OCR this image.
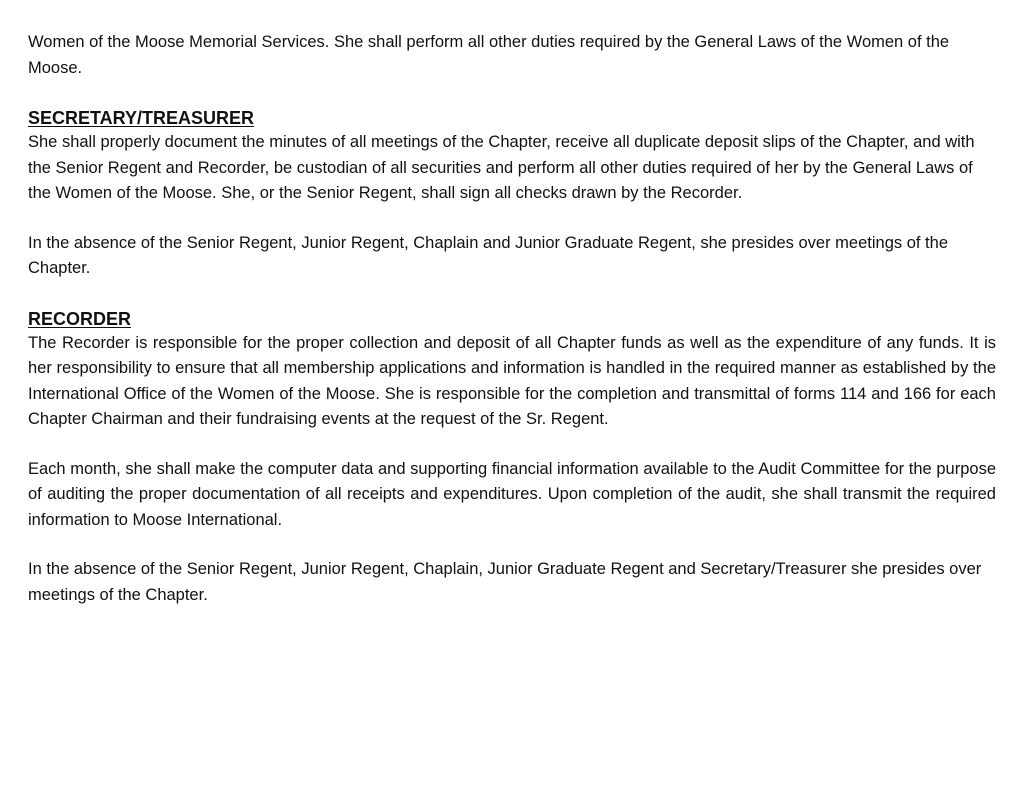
Women of the Moose Memorial Services. She shall perform all other duties required by the General Laws of the Women of the Moose.

SECRETARY/TREASURER

She shall properly document the minutes of all meetings of the Chapter, receive all duplicate deposit slips of the Chapter, and with the Senior Regent and Recorder, be custodian of all securities and perform all other duties required of her by the General Laws of the Women of the Moose. She, or the Senior Regent, shall sign all checks drawn by the Recorder.

In the absence of the Senior Regent, Junior Regent, Chaplain and Junior Graduate Regent, she presides over meetings of the Chapter.

RECORDER

The Recorder is responsible for the proper collection and deposit of all Chapter funds as well as the expenditure of any funds. It is her responsibility to ensure that all membership applications and information is handled in the required manner as established by the International Office of the Women of the Moose. She is responsible for the completion and transmittal of forms 114 and 166 for each Chapter Chairman and their fundraising events at the request of the Sr. Regent.

Each month, she shall make the computer data and supporting financial information available to the Audit Committee for the purpose of auditing the proper documentation of all receipts and expenditures. Upon completion of the audit, she shall transmit the required information to Moose International.

In the absence of the Senior Regent, Junior Regent, Chaplain, Junior Graduate Regent and Secretary/Treasurer she presides over meetings of the Chapter.
